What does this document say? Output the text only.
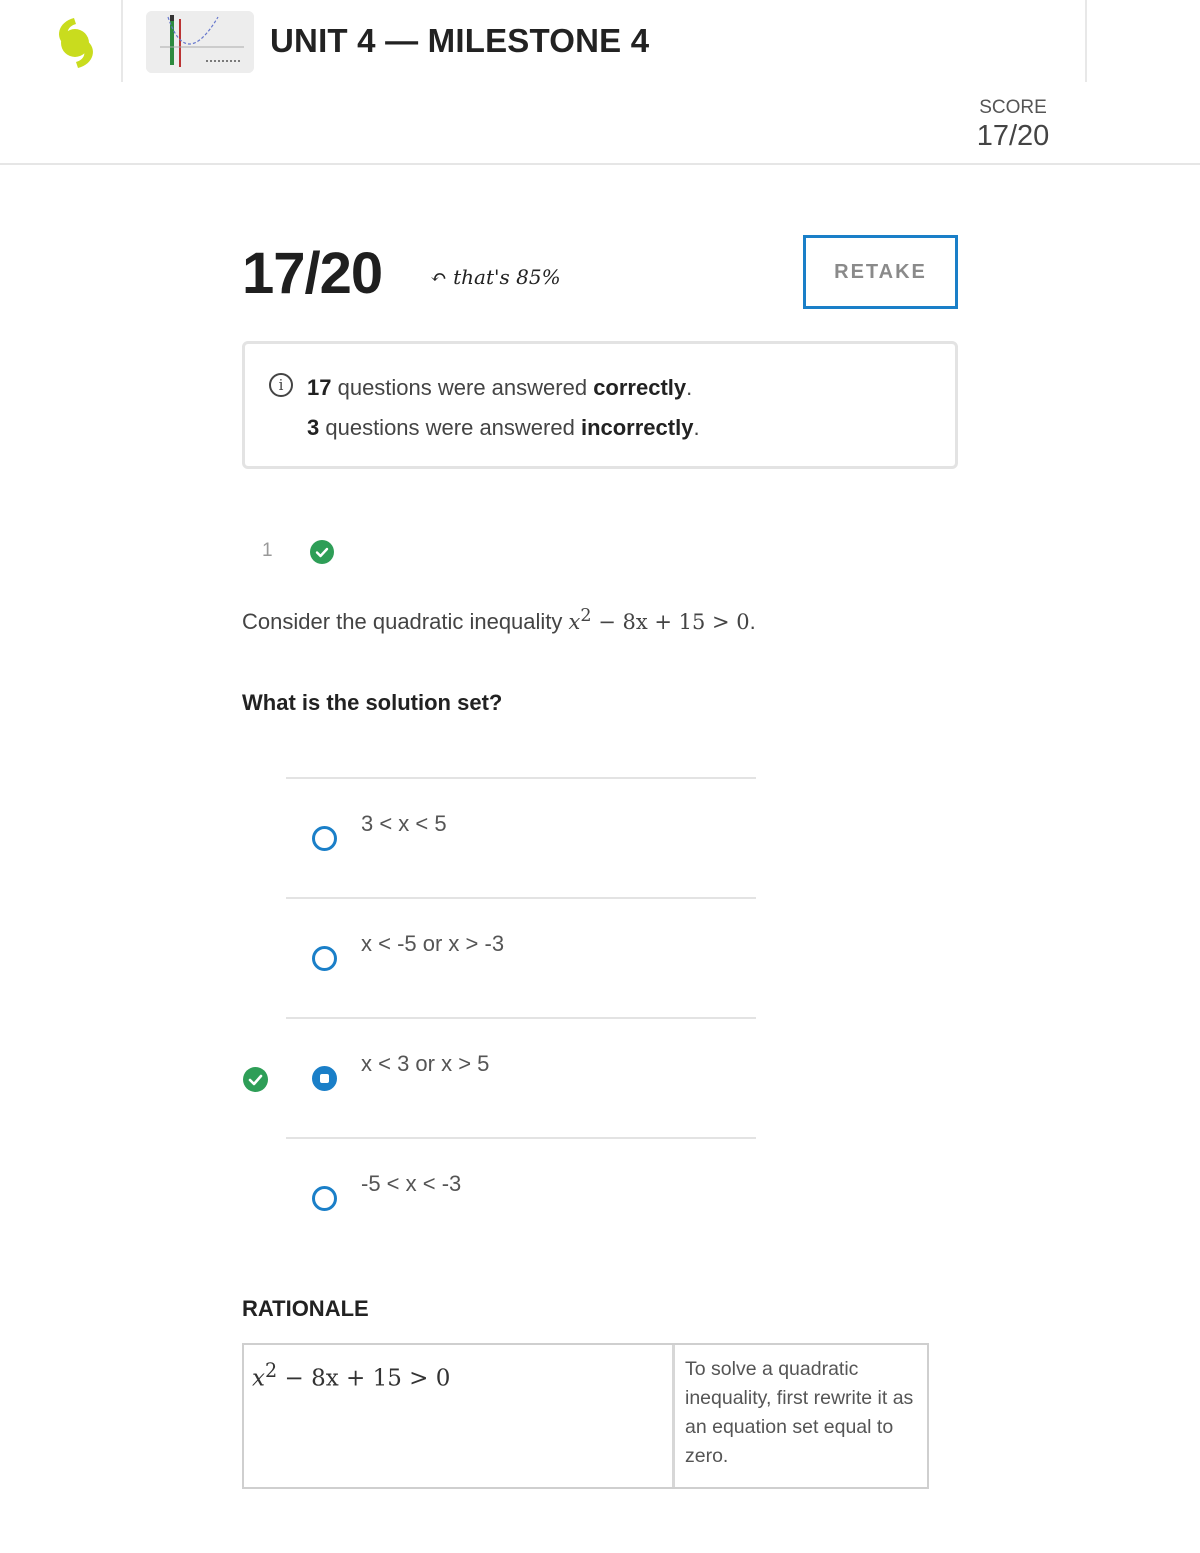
UNIT 4 — MILESTONE 4
SCORE
17/20
17/20 ↶ that's 85%	RETAKE
i	17 questions were answered correctly.
3 questions were answered incorrectly.
1
Consider the quadratic inequality $x^2 - 8x + 15 > 0$.
What is the solution set?
3 < x < 5
x < -5 or x > -3
x < 3 or x > 5
-5 < x < -3
RATIONALE
$x^2 - 8x + 15 > 0$	To solve a quadratic inequality, first rewrite it as an equation set equal to zero.
